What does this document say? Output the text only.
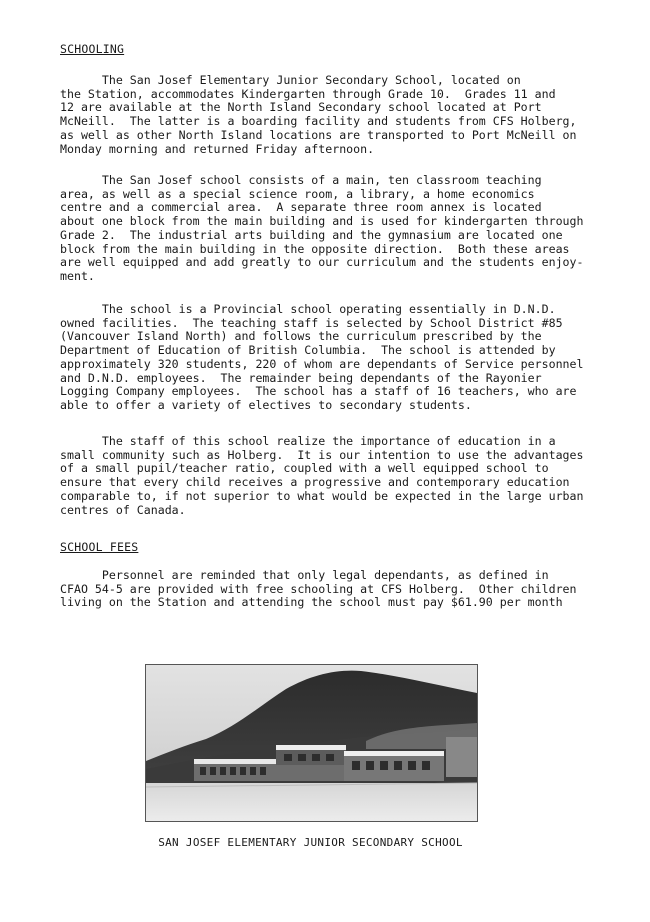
SCHOOLING
The San Josef Elementary Junior Secondary School, located on
the Station, accommodates Kindergarten through Grade 10.  Grades 11 and
12 are available at the North Island Secondary school located at Port
McNeill.  The latter is a boarding facility and students from CFS Holberg,
as well as other North Island locations are transported to Port McNeill on
Monday morning and returned Friday afternoon.
The San Josef school consists of a main, ten classroom teaching
area, as well as a special science room, a library, a home economics
centre and a commercial area.  A separate three room annex is located
about one block from the main building and is used for kindergarten through
Grade 2.  The industrial arts building and the gymnasium are located one
block from the main building in the opposite direction.  Both these areas
are well equipped and add greatly to our curriculum and the students enjoy-
ment.
The school is a Provincial school operating essentially in D.N.D.
owned facilities.  The teaching staff is selected by School District #85
(Vancouver Island North) and follows the curriculum prescribed by the
Department of Education of British Columbia.  The school is attended by
approximately 320 students, 220 of whom are dependants of Service personnel
and D.N.D. employees.  The remainder being dependants of the Rayonier
Logging Company employees.  The school has a staff of 16 teachers, who are
able to offer a variety of electives to secondary students.
The staff of this school realize the importance of education in a
small community such as Holberg.  It is our intention to use the advantages
of a small pupil/teacher ratio, coupled with a well equipped school to
ensure that every child receives a progressive and contemporary education
comparable to, if not superior to what would be expected in the large urban
centres of Canada.
SCHOOL FEES
Personnel are reminded that only legal dependants, as defined in
CFAO 54-5 are provided with free schooling at CFS Holberg.  Other children
living on the Station and attending the school must pay $61.90 per month
SAN JOSEF ELEMENTARY JUNIOR SECONDARY SCHOOL
